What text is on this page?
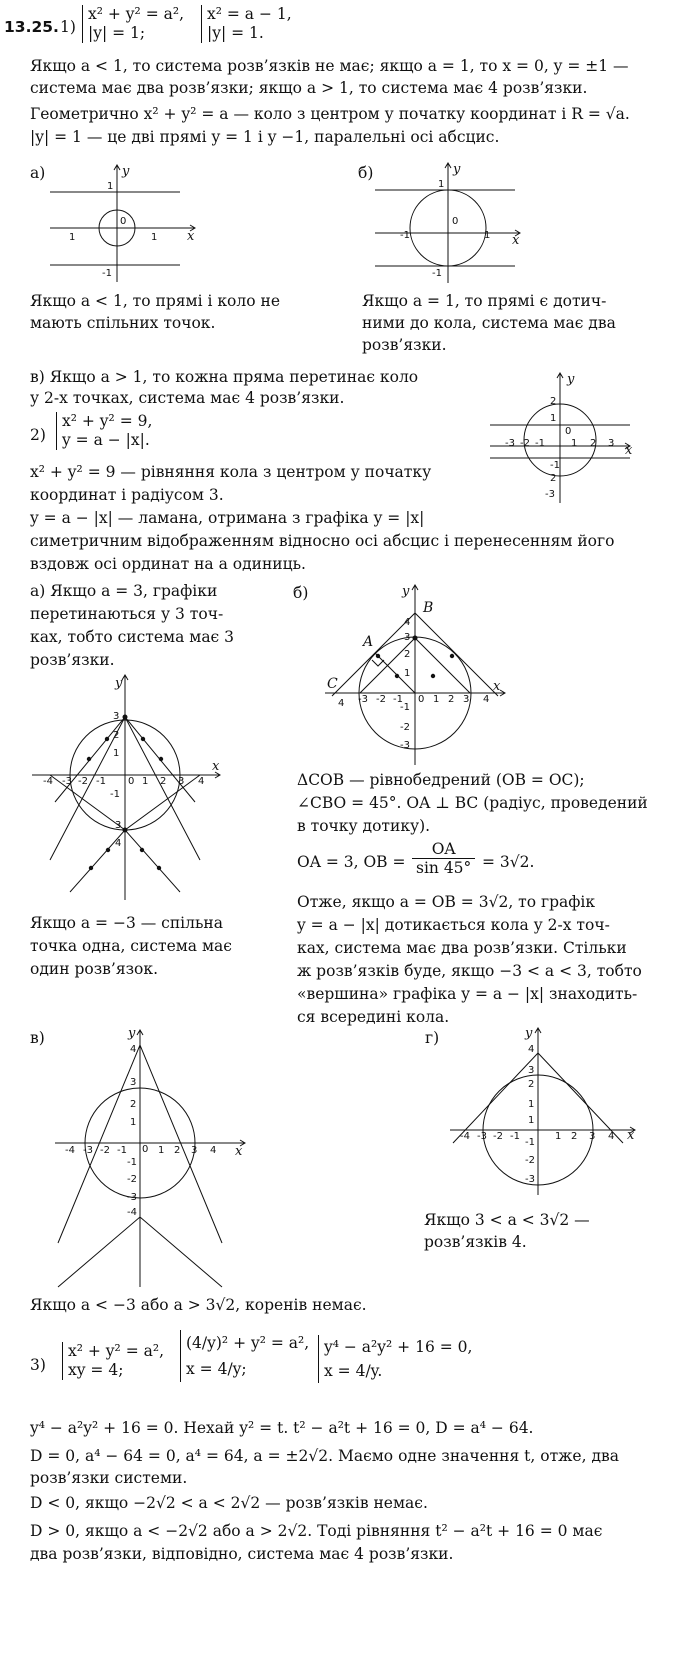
13.25. 1)
x² + y² = a²,
|y| = 1;
x² = a − 1,
|y| = 1.
Якщо a < 1, то система розв’язків не має; якщо a = 1, то x = 0, y = ±1 —
система має два розв’язки; якщо a > 1, то система має 4 розв’язки.
Геометрично x² + y² = a — коло з центром у початку координат і R = √a.
|y| = 1 — це дві прямі y = 1 і y −1, паралельні осі абсцис.
а)
1
-1
0
1	1 x
y
Якщо a < 1, то прямі і коло не
мають спільних точок.
б)
1
-1
0
-1	1 x
y
Якщо a = 1, то прямі є дотич-
ними до кола, система має два
розв’язки.
в) Якщо a > 1, то кожна пряма перетинає коло
у 2-х точках, система має 4 розв’язки.	2
1
0
-1
2
-3
-3 -2 -1	1 2 3 x
y
2)
x² + y² = 9,
y = a − |x|.
x² + y² = 9 — рівняння кола з центром у початку
координат і радіусом 3.
y = a − |x| — ламана, отримана з графіка y = |x|
симетричним відображенням відносно осі абсцис і перенесенням його
вздовж осі ординат на a одиниць.
а) Якщо a = 3, графіки
перетинаються у 3 точ-
ках, тобто система має 3
розв’язки.
y
x
3
2
1
0
-1
3
4
-4 -3 -2 -1	1 2 3 4
Якщо a = −3 — спільна
точка одна, система має
один розв’язок.
б)
B
A
C
y
x
4
3
2
1
0
-1
-2
-3
4 -3 -2 -1	1 2 3 4
ΔCOB — рівнобедрений (OB = OC);
∠CBO = 45°. OA ⊥ BC (радіус, проведений
в точку дотику).
OA = 3, OB = $\frac{OA}{\sin 45^\circ} = 3√2$.
Отже, якщо a = OB = 3√2, то графік
y = a − |x| дотикається кола у 2-х точ-
ках, система має два розв’язки. Стільки
ж розв’язків буде, якщо −3 < a < 3, тобто
«вершина» графіка y = a − |x| знаходить-
ся всередині кола.
в)	y
x
4
3
2
1
0
-1
-2
-3
-4
-4 -3 -2 -1	1 2 3 4
г)	y
x
4
3
2
1
1
-1
-2
-3
-4 -3 -2 -1	1 2 3 4
Якщо 3 < a < 3√2 —
розв’язків 4.
Якщо a < −3 або a > 3√2, коренів немає.
3)
x² + y² = a²,
xy = 4;
(4/y)² + y² = a²,
x = 4/y;
y⁴ − a²y² + 16 = 0,
x = 4/y.
y⁴ − a²y² + 16 = 0. Нехай y² = t. t² − a²t + 16 = 0, D = a⁴ − 64.
D = 0, a⁴ − 64 = 0, a⁴ = 64, a = ±2√2. Маємо одне значення t, отже, два
розв’язки системи.
D < 0, якщо −2√2 < a < 2√2 — розв’язків немає.
D > 0, якщо a < −2√2 або a > 2√2. Тоді рівняння t² − a²t + 16 = 0 має
два розв’язки, відповідно, система має 4 розв’язки.
